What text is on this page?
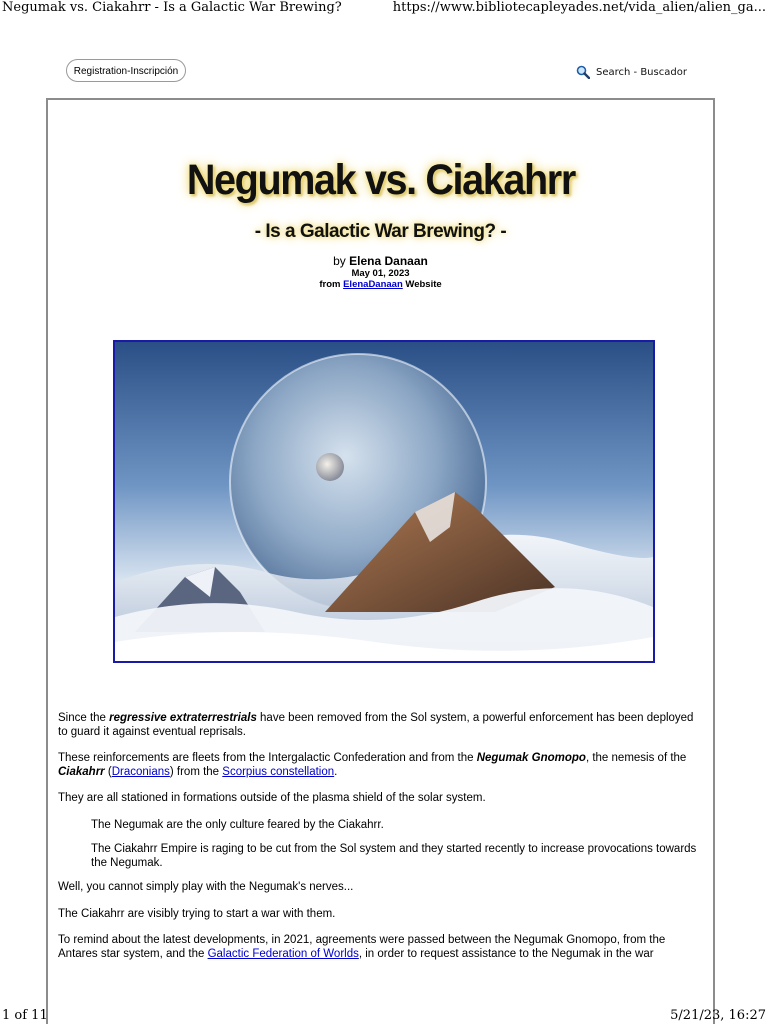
Negumak vs. Ciakahrr - Is a Galactic War Brewing?	https://www.bibliotecapleyades.net/vida_alien/alien_ga...
Registration-Inscripción	Search - Buscador
Negumak vs. Ciakahrr
- Is a Galactic War Brewing? -
by Elena Danaan
May 01, 2023
from ElenaDanaan Website

Since the regressive extraterrestrials have been removed from the Sol system, a powerful enforcement has been deployed to guard it against eventual reprisals.

These reinforcements are fleets from the Intergalactic Confederation and from the Negumak Gnomopo, the nemesis of the Ciakahrr (Draconians) from the Scorpius constellation.

They are all stationed in formations outside of the plasma shield of the solar system.

The Negumak are the only culture feared by the Ciakahrr.

The Ciakahrr Empire is raging to be cut from the Sol system and they started recently to increase provocations towards the Negumak.

Well, you cannot simply play with the Negumak's nerves...

The Ciakahrr are visibly trying to start a war with them.

To remind about the latest developments, in 2021, agreements were passed between the Negumak Gnomopo, from the Antares star system, and the Galactic Federation of Worlds, in order to request assistance to the Negumak in the war

1 of 11	5/21/23, 16:27
